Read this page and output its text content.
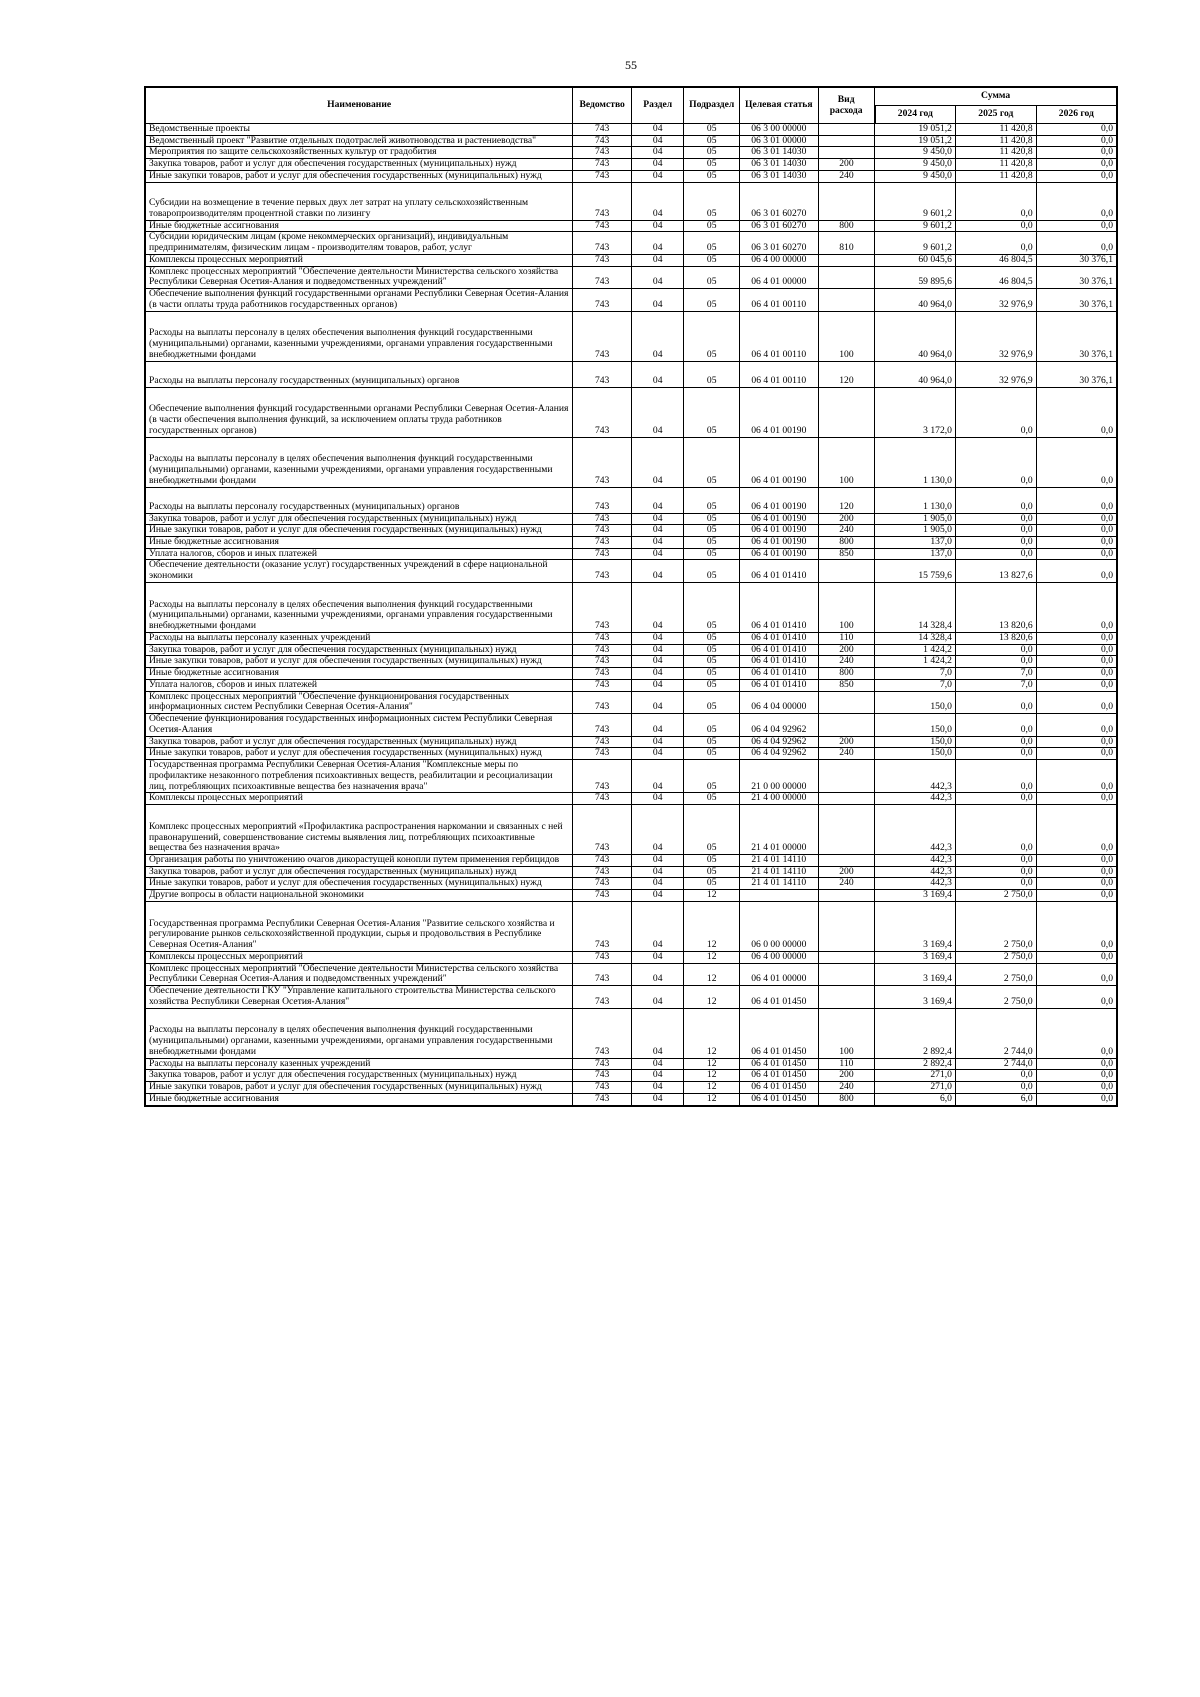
55
Наименование	Ведомство	Раздел	Подраздел	Целевая статья	Вид расхода	Сумма		
						2024 год	2025 год	2026 год
Ведомственные проекты	743	04	05	06 3 00 00000		19 051,2	11 420,8	0,0
Ведомственный проект "Развитие отдельных подотраслей животноводства и растениеводства"	743	04	05	06 3 01 00000		19 051,2	11 420,8	0,0
Мероприятия по защите сельскохозяйственных культур от градобития	743	04	05	06 3 01 14030		9 450,0	11 420,8	0,0
Закупка товаров, работ и услуг для обеспечения государственных (муниципальных) нужд	743	04	05	06 3 01 14030	200	9 450,0	11 420,8	0,0
Иные закупки товаров, работ и услуг для обеспечения государственных (муниципальных) нужд	743	04	05	06 3 01 14030	240	9 450,0	11 420,8	0,0
Субсидии на возмещение в течение первых двух лет затрат на уплату сельскохозяйственным товаропроизводителям процентной ставки по лизингу	743	04	05	06 3 01 60270		9 601,2	0,0	0,0
Иные бюджетные ассигнования	743	04	05	06 3 01 60270	800	9 601,2	0,0	0,0
Субсидии юридическим лицам (кроме некоммерческих организаций), индивидуальным предпринимателям, физическим лицам - производителям товаров, работ, услуг	743	04	05	06 3 01 60270	810	9 601,2	0,0	0,0
Комплексы процессных мероприятий	743	04	05	06 4 00 00000		60 045,6	46 804,5	30 376,1
Комплекс процессных мероприятий "Обеспечение деятельности Министерства сельского хозяйства Республики Северная Осетия-Алания и подведомственных учреждений"	743	04	05	06 4 01 00000		59 895,6	46 804,5	30 376,1
Обеспечение выполнения функций государственными органами Республики Северная Осетия-Алания (в части оплаты труда работников государственных органов)	743	04	05	06 4 01 00110		40 964,0	32 976,9	30 376,1
Расходы на выплаты персоналу в целях обеспечения выполнения функций государственными (муниципальными) органами, казенными учреждениями, органами управления государственными внебюджетными фондами	743	04	05	06 4 01 00110	100	40 964,0	32 976,9	30 376,1
Расходы на выплаты персоналу государственных (муниципальных) органов	743	04	05	06 4 01 00110	120	40 964,0	32 976,9	30 376,1
Обеспечение выполнения функций государственными органами Республики Северная Осетия-Алания (в части обеспечения выполнения функций, за исключением оплаты труда работников государственных органов)	743	04	05	06 4 01 00190		3 172,0	0,0	0,0
Расходы на выплаты персоналу в целях обеспечения выполнения функций государственными (муниципальными) органами, казенными учреждениями, органами управления государственными внебюджетными фондами	743	04	05	06 4 01 00190	100	1 130,0	0,0	0,0
Расходы на выплаты персоналу государственных (муниципальных) органов	743	04	05	06 4 01 00190	120	1 130,0	0,0	0,0
Закупка товаров, работ и услуг для обеспечения государственных (муниципальных) нужд	743	04	05	06 4 01 00190	200	1 905,0	0,0	0,0
Иные закупки товаров, работ и услуг для обеспечения государственных (муниципальных) нужд	743	04	05	06 4 01 00190	240	1 905,0	0,0	0,0
Иные бюджетные ассигнования	743	04	05	06 4 01 00190	800	137,0	0,0	0,0
Уплата налогов, сборов и иных платежей	743	04	05	06 4 01 00190	850	137,0	0,0	0,0
Обеспечение деятельности (оказание услуг) государственных учреждений в сфере национальной экономики	743	04	05	06 4 01 01410		15 759,6	13 827,6	0,0
Расходы на выплаты персоналу в целях обеспечения выполнения функций государственными (муниципальными) органами, казенными учреждениями, органами управления государственными внебюджетными фондами	743	04	05	06 4 01 01410	100	14 328,4	13 820,6	0,0
Расходы на выплаты персоналу казенных учреждений	743	04	05	06 4 01 01410	110	14 328,4	13 820,6	0,0
Закупка товаров, работ и услуг для обеспечения государственных (муниципальных) нужд	743	04	05	06 4 01 01410	200	1 424,2	0,0	0,0
Иные закупки товаров, работ и услуг для обеспечения государственных (муниципальных) нужд	743	04	05	06 4 01 01410	240	1 424,2	0,0	0,0
Иные бюджетные ассигнования	743	04	05	06 4 01 01410	800	7,0	7,0	0,0
Уплата налогов, сборов и иных платежей	743	04	05	06 4 01 01410	850	7,0	7,0	0,0
Комплекс процессных мероприятий "Обеспечение функционирования государственных информационных систем Республики Северная Осетия-Алания"	743	04	05	06 4 04 00000		150,0	0,0	0,0
Обеспечение функционирования государственных информационных систем Республики Северная Осетия-Алания	743	04	05	06 4 04 92962		150,0	0,0	0,0
Закупка товаров, работ и услуг для обеспечения государственных (муниципальных) нужд	743	04	05	06 4 04 92962	200	150,0	0,0	0,0
Иные закупки товаров, работ и услуг для обеспечения государственных (муниципальных) нужд	743	04	05	06 4 04 92962	240	150,0	0,0	0,0
Государственная программа Республики Северная Осетия-Алания "Комплексные меры по профилактике незаконного потребления психоактивных веществ, реабилитации и ресоциализации лиц, потребляющих психоактивные вещества без назначения врача"	743	04	05	21 0 00 00000		442,3	0,0	0,0
Комплексы процессных мероприятий	743	04	05	21 4 00 00000		442,3	0,0	0,0
Комплекс процессных мероприятий «Профилактика распространения наркомании и связанных с ней правонарушений, совершенствование системы выявления лиц, потребляющих психоактивные вещества без назначения врача»	743	04	05	21 4 01 00000		442,3	0,0	0,0
Организация работы по уничтожению очагов дикорастущей конопли путем применения гербицидов	743	04	05	21 4 01 14110		442,3	0,0	0,0
Закупка товаров, работ и услуг для обеспечения государственных (муниципальных) нужд	743	04	05	21 4 01 14110	200	442,3	0,0	0,0
Иные закупки товаров, работ и услуг для обеспечения государственных (муниципальных) нужд	743	04	05	21 4 01 14110	240	442,3	0,0	0,0
Другие вопросы в области национальной экономики	743	04	12			3 169,4	2 750,0	0,0
Государственная программа Республики Северная Осетия-Алания "Развитие сельского хозяйства и регулирование рынков сельскохозяйственной продукции, сырья и продовольствия в Республике Северная Осетия-Алания"	743	04	12	06 0 00 00000		3 169,4	2 750,0	0,0
Комплексы процессных мероприятий	743	04	12	06 4 00 00000		3 169,4	2 750,0	0,0
Комплекс процессных мероприятий "Обеспечение деятельности Министерства сельского хозяйства Республики Северная Осетия-Алания и подведомственных учреждений"	743	04	12	06 4 01 00000		3 169,4	2 750,0	0,0
Обеспечение деятельности ГКУ "Управление капитального строительства Министерства сельского хозяйства Республики Северная Осетия-Алания"	743	04	12	06 4 01 01450		3 169,4	2 750,0	0,0
Расходы на выплаты персоналу в целях обеспечения выполнения функций государственными (муниципальными) органами, казенными учреждениями, органами управления государственными внебюджетными фондами	743	04	12	06 4 01 01450	100	2 892,4	2 744,0	0,0
Расходы на выплаты персоналу казенных учреждений	743	04	12	06 4 01 01450	110	2 892,4	2 744,0	0,0
Закупка товаров, работ и услуг для обеспечения государственных (муниципальных) нужд	743	04	12	06 4 01 01450	200	271,0	0,0	0,0
Иные закупки товаров, работ и услуг для обеспечения государственных (муниципальных) нужд	743	04	12	06 4 01 01450	240	271,0	0,0	0,0
Иные бюджетные ассигнования	743	04	12	06 4 01 01450	800	6,0	6,0	0,0
